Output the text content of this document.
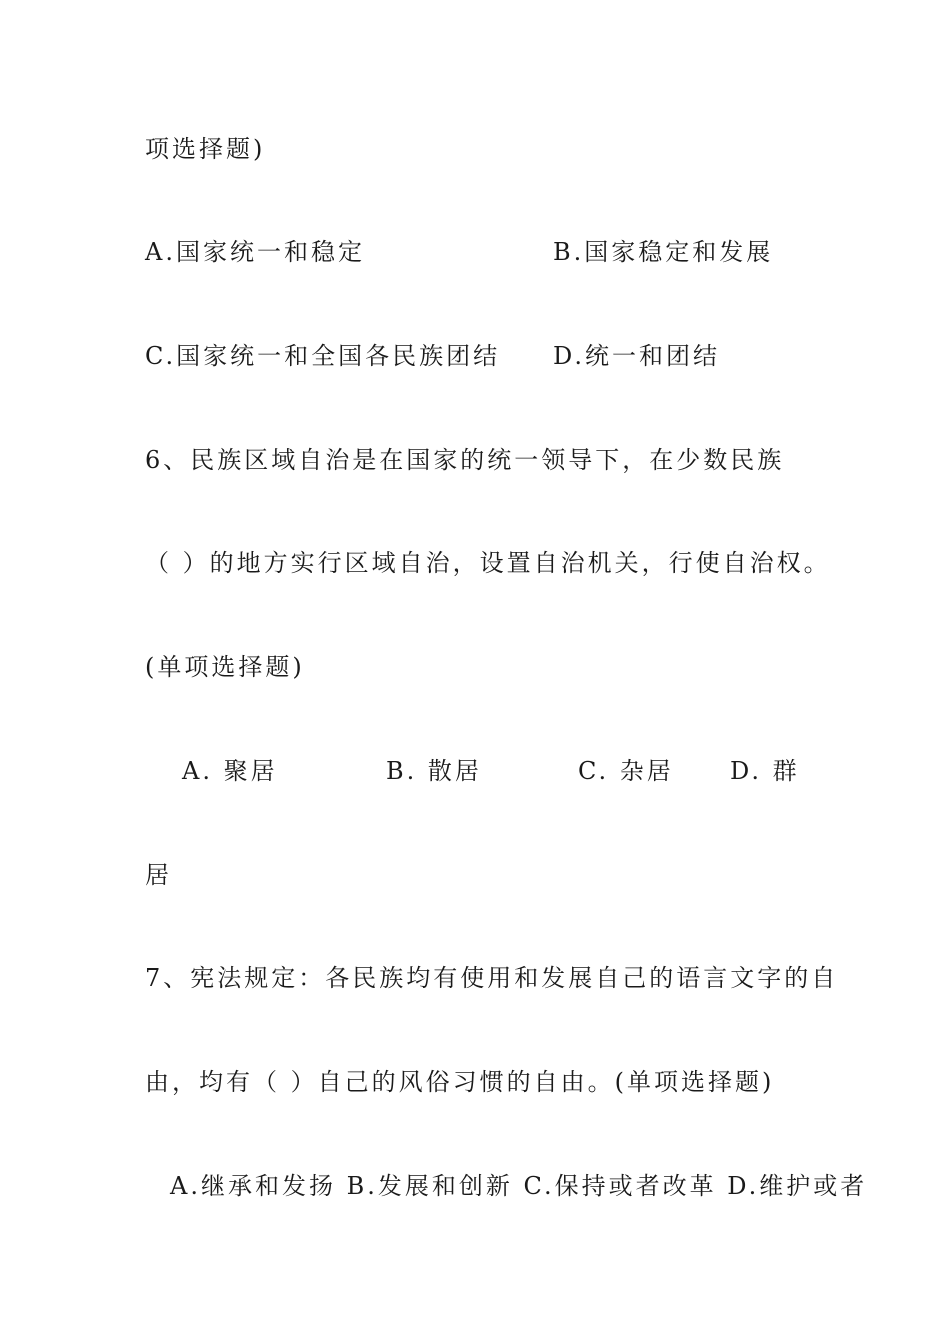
项选择题)
A.国家统一和稳定	B.国家稳定和发展
C.国家统一和全国各民族团结 D.统一和团结
6、民族区域自治是在国家的统一领导下，在少数民族
（ ）的地方实行区域自治，设置自治机关，行使自治权。
(单项选择题)
A. 聚居	B. 散居	C. 杂居 D. 群
居
7、宪法规定：各民族均有使用和发展自己的语言文字的自
由，均有（ ）自己的风俗习惯的自由。(单项选择题)
A.继承和发扬 B.发展和创新 C.保持或者改革 D.维护或者
